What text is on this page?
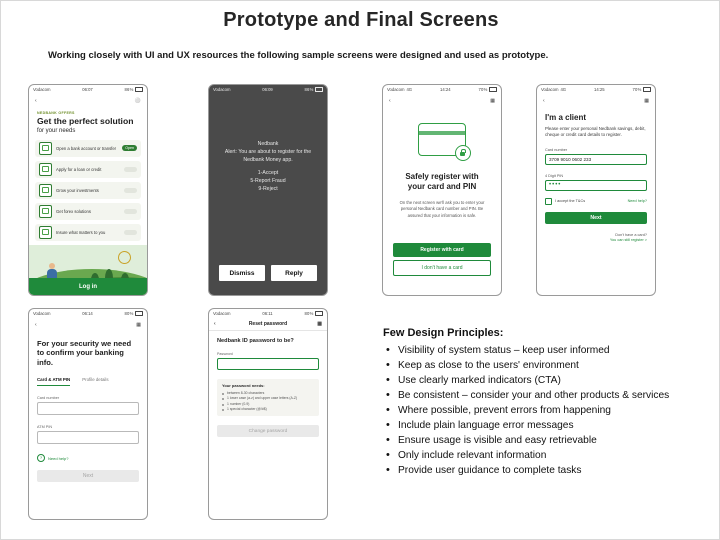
Prototype and Final Screens
Working closely with UI and UX resources the following sample screens were designed and used as prototype.
Vodacom	06:07	86%
‹	⚪
NEDBANK OFFERS
Get the perfect solution
for your needs
Open a bank account or transfer	Open
Apply for a loan or credit
Grow your investments
Get forex solutions
Insure what matters to you
Log in
Vodacom	06:09	86%
Nedbank
Alert: You are about to register for the
Nedbank Money app.
1-Accept
5-Report Fraud
9-Reject
Dismiss	Reply
Vodacom 4G	14:24	70%
‹	▦
Safely register with
your card and PIN
On the next screen we'll ask you to enter your personal Nedbank card number and PIN. Be assured that your information is safe.
Register with card
I don't have a card
Vodacom 4G	14:25	70%
‹	▦
I'm a client
Please enter your personal Nedbank savings, debit, cheque or credit card details to register.
Card number
3709 9010 0602 233
4 Digit PIN
••••
I accept the T&Cs	Need help?
Next
Don't have a card?
You can still register >
Vodacom	06:14	80%
‹	▦
For your security we need
to confirm your banking info.
Card & ATM PIN	Profile details
Card number
ATM PIN
?	Need help?
Next
Vodacom	06:11	80%
‹	Reset password	▦
Nedbank ID password to be?
Password
Your password needs:
between 8-30 characters
1 lower case (a-z) and upper case letters (A-Z)
1 number (0-9)
1 special character (@!#$)
Change password
Few Design Principles:
• Visibility of system status – keep user informed
• Keep as close to the users' environment
• Use clearly marked indicators (CTA)
• Be consistent – consider your and other products & services
• Where possible, prevent errors from happening
• Include plain language error messages
• Ensure usage is visible and easy retrievable
• Only include relevant information
• Provide user guidance to complete tasks
